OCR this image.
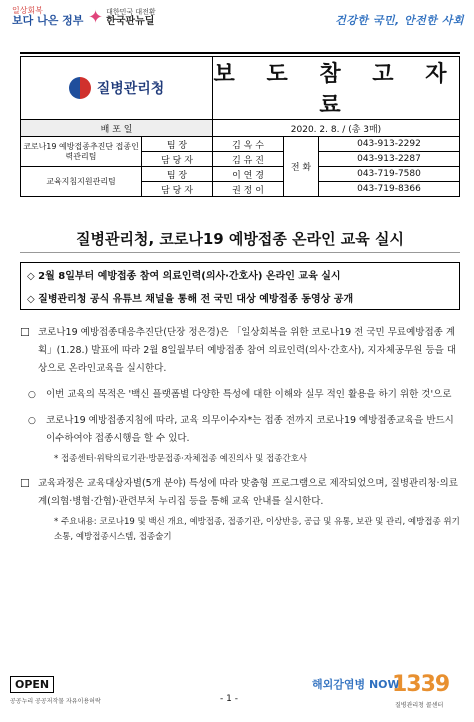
일상회복
보다 나은 정부 ✦ 대한민국 대전환
한국판뉴딜	건강한 국민, 안전한 사회
질병관리청		보 도 참 고 자 료		
배 포 일		2020. 2. 8. / (총 3매)		
코로나19 예방접종추진단 접종인력관리팀	팀 장	김 옥 수	전 화	043-913-2292
	담 당 자	김 유 진		043-913-2287
교육지침지원관리팀	팀 장	이 연 경		043-719-7580
	담 당 자	권 정 이		043-719-8366
질병관리청, 코로나19 예방접종 온라인 교육 실시
◇ 2월 8일부터 예방접종 참여 의료인력(의사·간호사) 온라인 교육 실시
◇ 질병관리청 공식 유튜브 채널을 통해 전 국민 대상 예방접종 동영상 공개
☐ 코로나19 예방접종대응추진단(단장 정은경)은 「일상회복을 위한 코로나19 전 국민 무료예방접종 계획」(1.28.) 발표에 따라 2월 8일월부터 예방접종 참여 의료인력(의사·간호사), 지자체공무원 등을 대상으로 온라인교육을 실시한다.
○ 이번 교육의 목적은 '백신 플랫폼별 다양한 특성에 대한 이해와 실무 적인 활용을 하기 위한 것'으로
○ 코로나19 예방접종지침에 따라, 교육 의무이수자*는 접종 전까지 코로나19 예방접종교육을 반드시 이수하여야 접종시행을 할 수 있다.
* 접종센터·위탁의료기관·방문접종·자체접종 예진의사 및 접종간호사
☐ 교육과정은 교육대상자별(5개 분야) 특성에 따라 맞춤형 프로그램으로 제작되었으며, 질병관리청·의료계(의협·병협·간협)·관련부처 누리집 등을 통해 교육 안내를 실시한다.
* 주요내용: 코로나19 및 백신 개요, 예방접종, 접종기관, 이상반응, 공급 및 유통, 보관 및 관리, 예방접종 위기소통, 예방접종시스템, 접종술기
OPEN
공공누리 공공저작물 자유이용허락	- 1 -
해외감염병 NOW
1339
질병관리청 콜센터
